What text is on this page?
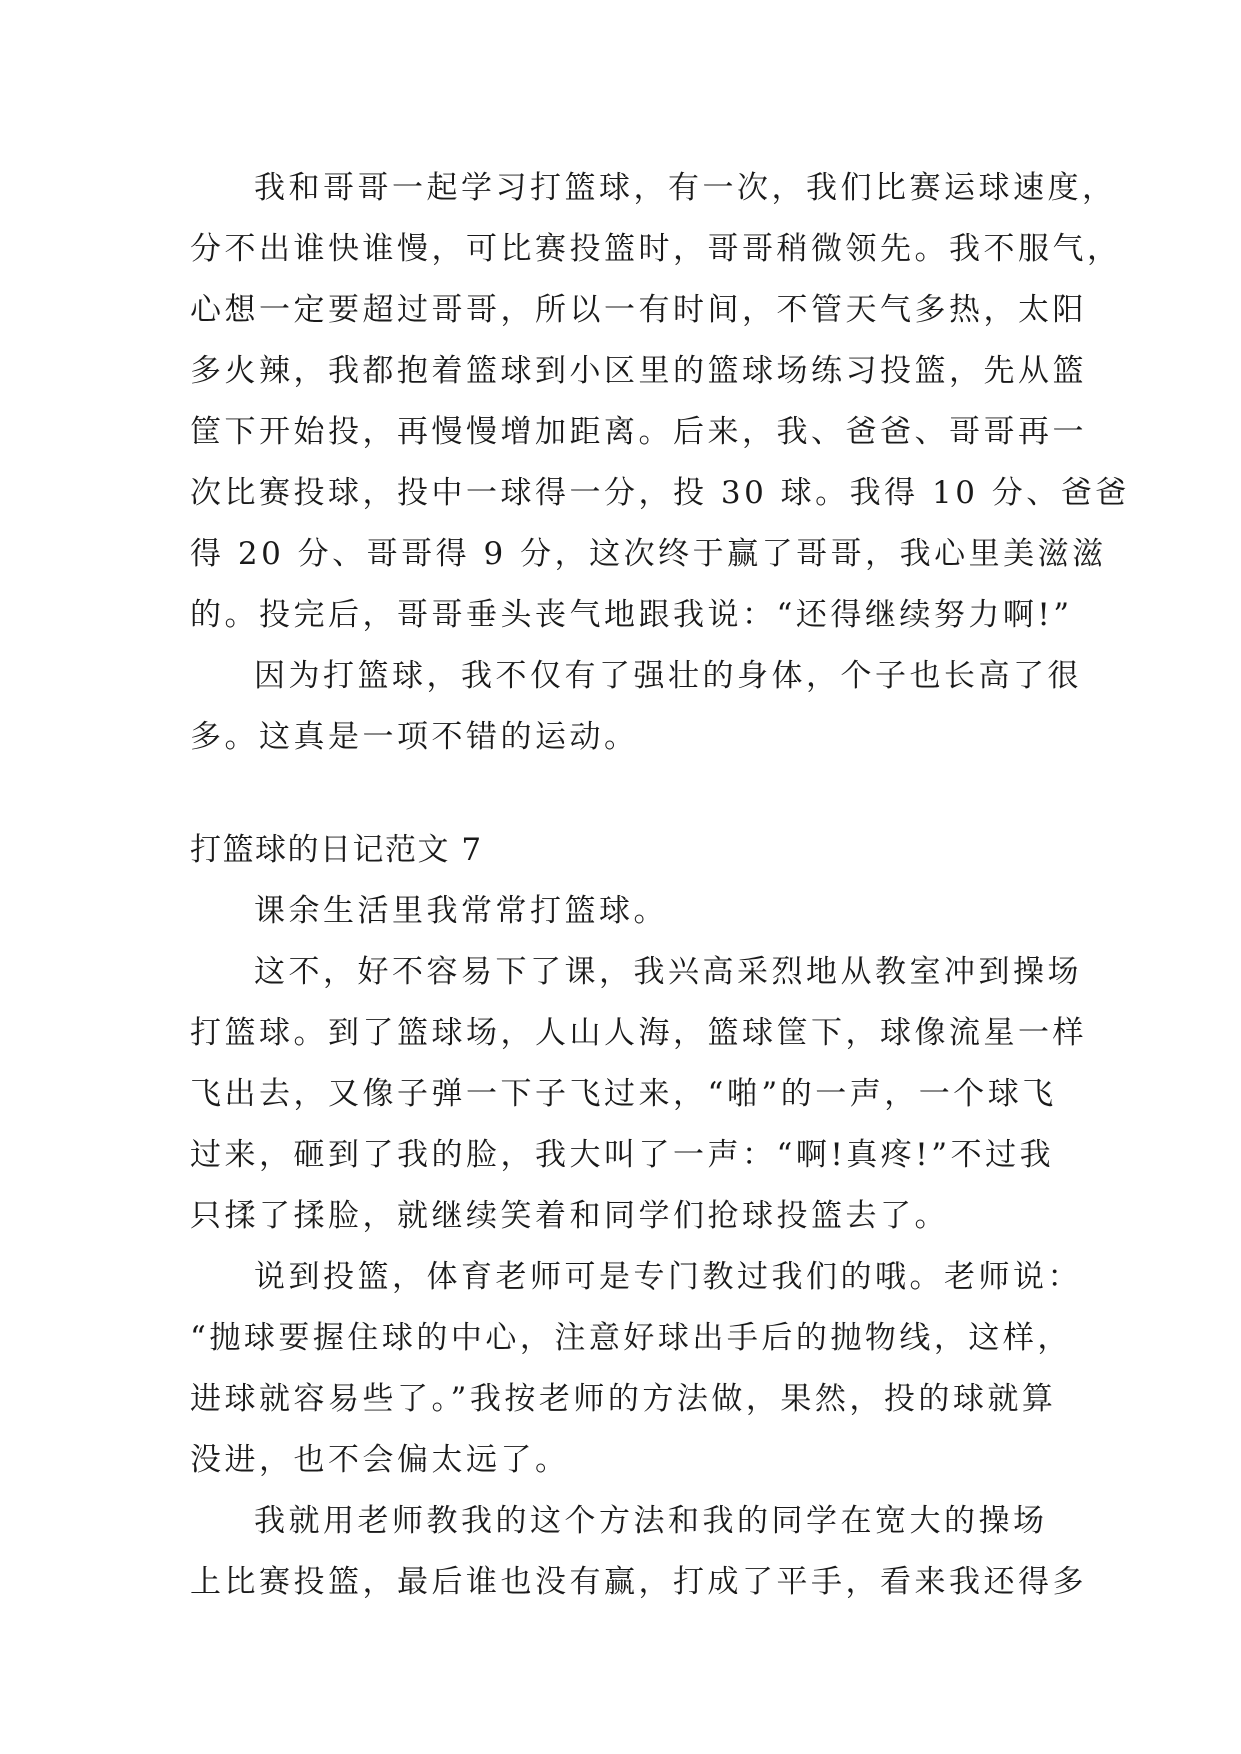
我和哥哥一起学习打篮球，有一次，我们比赛运球速度，
分不出谁快谁慢，可比赛投篮时，哥哥稍微领先。我不服气，
心想一定要超过哥哥，所以一有时间，不管天气多热，太阳
多火辣，我都抱着篮球到小区里的篮球场练习投篮，先从篮
筐下开始投，再慢慢增加距离。后来，我、爸爸、哥哥再一
次比赛投球，投中一球得一分，投 30 球。我得 10 分、爸爸
得 20 分、哥哥得 9 分，这次终于赢了哥哥，我心里美滋滋
的。投完后，哥哥垂头丧气地跟我说：“还得继续努力啊!”
因为打篮球，我不仅有了强壮的身体，个子也长高了很
多。这真是一项不错的运动。
打篮球的日记范文 7
课余生活里我常常打篮球。
这不，好不容易下了课，我兴高采烈地从教室冲到操场
打篮球。到了篮球场，人山人海，篮球筐下，球像流星一样
飞出去，又像子弹一下子飞过来，“啪”的一声，一个球飞
过来，砸到了我的脸，我大叫了一声：“啊!真疼!”不过我
只揉了揉脸，就继续笑着和同学们抢球投篮去了。
说到投篮，体育老师可是专门教过我们的哦。老师说：
“抛球要握住球的中心，注意好球出手后的抛物线，这样，
进球就容易些了。”我按老师的方法做，果然，投的球就算
没进，也不会偏太远了。
我就用老师教我的这个方法和我的同学在宽大的操场
上比赛投篮，最后谁也没有赢，打成了平手，看来我还得多
